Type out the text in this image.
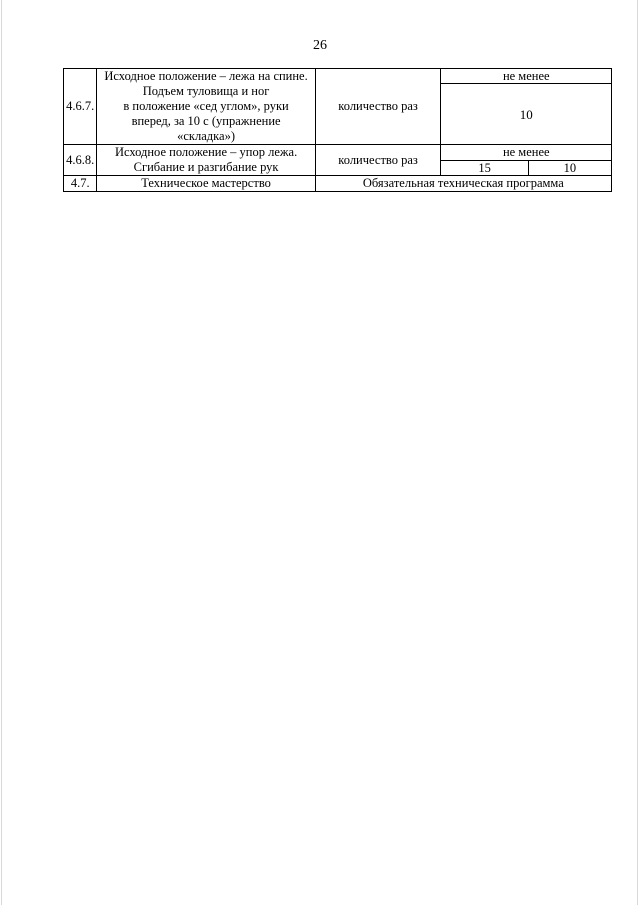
26
4.6.7.	Исходное положение – лежа на спине.
Подъем туловища и ног
в положение «сед углом», руки
вперед, за 10 с (упражнение
«складка»)	количество раз	не менее	
			10	
4.6.8.	Исходное положение – упор лежа.
Сгибание и разгибание рук	количество раз	не менее	
			15	10
4.7.	Техническое мастерство	Обязательная техническая программа		
